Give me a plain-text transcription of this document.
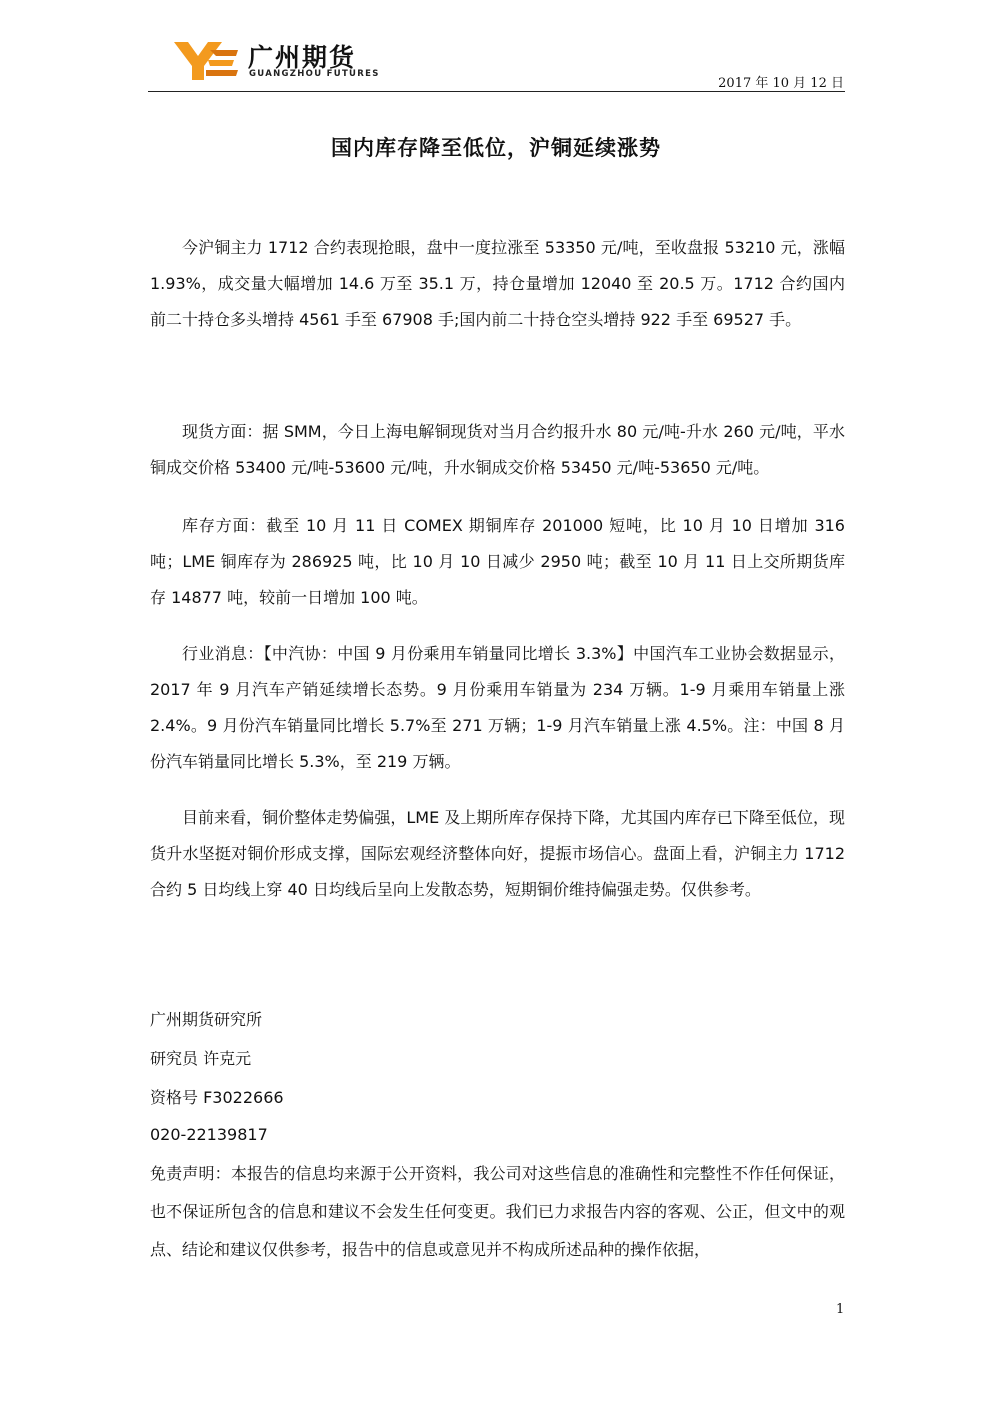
广州期货
GUANGZHOU FUTURES
2017 年 10 月 12 日
国内库存降至低位，沪铜延续涨势

今沪铜主力 1712 合约表现抢眼，盘中一度拉涨至 53350 元/吨，至收盘报 53210 元，涨幅 1.93%，成交量大幅增加 14.6 万至 35.1 万，持仓量增加 12040 至 20.5 万。1712 合约国内前二十持仓多头增持 4561 手至 67908 手;国内前二十持仓空头增持 922 手至 69527 手。

现货方面：据 SMM，今日上海电解铜现货对当月合约报升水 80 元/吨-升水 260 元/吨，平水铜成交价格 53400 元/吨-53600 元/吨，升水铜成交价格 53450 元/吨-53650 元/吨。

库存方面：截至 10 月 11 日 COMEX 期铜库存 201000 短吨，比 10 月 10 日增加 316 吨；LME 铜库存为 286925 吨，比 10 月 10 日减少 2950 吨；截至 10 月 11 日上交所期货库存 14877 吨，较前一日增加 100 吨。

行业消息：【中汽协：中国 9 月份乘用车销量同比增长 3.3%】中国汽车工业协会数据显示，2017 年 9 月汽车产销延续增长态势。9 月份乘用车销量为 234 万辆。1-9 月乘用车销量上涨 2.4%。9 月份汽车销量同比增长 5.7%至 271 万辆；1-9 月汽车销量上涨 4.5%。注：中国 8 月份汽车销量同比增长 5.3%，至 219 万辆。

目前来看，铜价整体走势偏强，LME 及上期所库存保持下降，尤其国内库存已下降至低位，现货升水坚挺对铜价形成支撑，国际宏观经济整体向好，提振市场信心。盘面上看，沪铜主力 1712 合约 5 日均线上穿 40 日均线后呈向上发散态势，短期铜价维持偏强走势。仅供参考。

广州期货研究所
研究员 许克元
资格号 F3022666
020-22139817

免责声明：本报告的信息均来源于公开资料，我公司对这些信息的准确性和完整性不作任何保证，也不保证所包含的信息和建议不会发生任何变更。我们已力求报告内容的客观、公正，但文中的观点、结论和建议仅供参考，报告中的信息或意见并不构成所述品种的操作依据，

1
